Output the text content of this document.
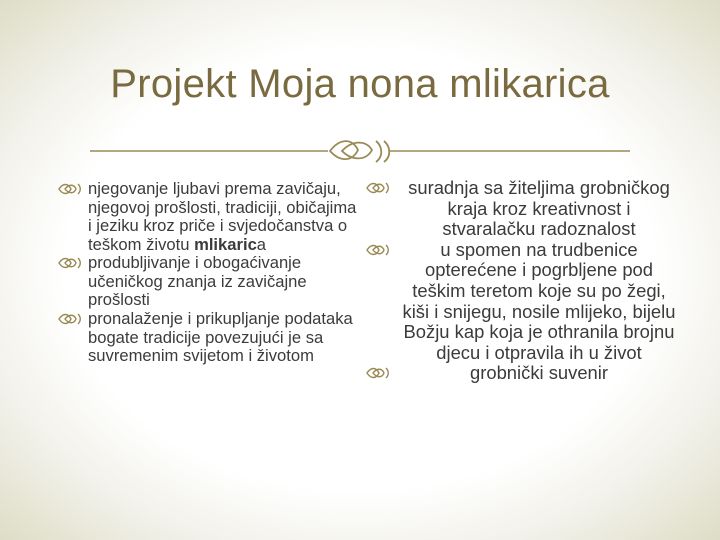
Projekt Moja nona mlikarica
njegovanje ljubavi prema zavičaju, njegovoj prošlosti, tradiciji, običajima i jeziku kroz priče i svjedočanstva o teškom životu mlikarica
produbljivanje i obogaćivanje učeničkog znanja iz zavičajne prošlosti
pronalaženje i prikupljanje podataka bogate tradicije povezujući je sa suvremenim svijetom i životom
suradnja sa žiteljima grobničkog kraja kroz kreativnost i stvaralačku radoznalost
u spomen na trudbenice opterećene i pogrbljene pod teškim teretom koje su po žegi, kiši i snijegu, nosile mlijeko, bijelu Božju kap koja je othranila brojnu djecu i otpravila ih u život
grobnički suvenir
